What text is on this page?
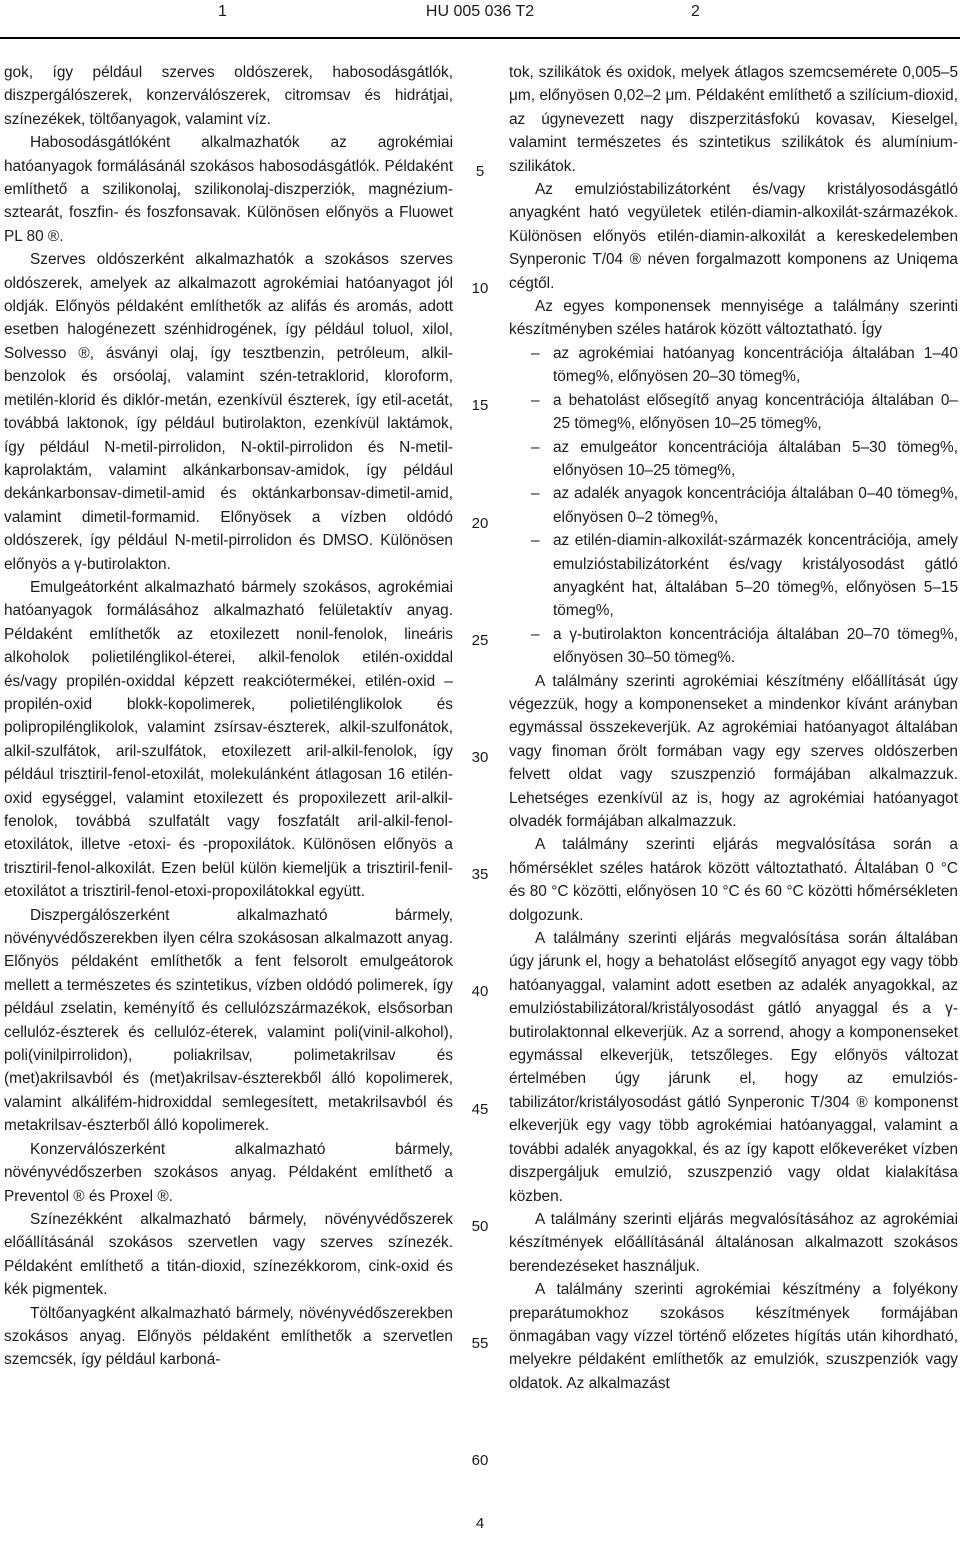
1	HU 005 036 T2	2

gok, így például szerves oldószerek, habosodásgátlók, diszpergálószerek, konzerválószerek, citromsav és hidrátjai, színezékek, töltőanyagok, valamint víz.

Habosodásgátlóként alkalmazhatók az agrokémiai hatóanyagok formálásánál szokásos habosodásgátlók. Példaként említhető a szilikonolaj, szilikonolaj-diszperziók, magnézium-sztearát, foszfin- és foszfonsavak. Különösen előnyös a Fluowet PL 80 ®.

Szerves oldószerként alkalmazhatók a szokásos szerves oldószerek, amelyek az alkalmazott agrokémiai hatóanyagot jól oldják. Előnyös példaként említhetők az alifás és aromás, adott esetben halogénezett szénhidrogének, így például toluol, xilol, Solvesso ®, ásványi olaj, így tesztbenzin, petróleum, alkil-benzolok és orsóolaj, valamint szén-tetraklorid, kloroform, metilén-klorid és diklór-metán, ezenkívül észterek, így etil-acetát, továbbá laktonok, így például butirolakton, ezenkívül laktámok, így például N-metil-pirrolidon, N-oktil-pirrolidon és N-metil-kaprolaktám, valamint alkánkarbonsav-amidok, így például dekánkarbonsav-dimetil-amid és oktánkarbonsav-dimetil-amid, valamint dimetil-formamid. Előnyösek a vízben oldódó oldószerek, így például N-metil-pirrolidon és DMSO. Különösen előnyös a γ-butirolakton.

Emulgeátorként alkalmazható bármely szokásos, agrokémiai hatóanyagok formálásához alkalmazható felületaktív anyag. Példaként említhetők az etoxilezett nonil-fenolok, lineáris alkoholok polietilénglikol-éterei, alkil-fenolok etilén-oxiddal és/vagy propilén-oxiddal képzett reakciótermékei, etilén-oxid – propilén-oxid blokk-kopolimerek, polietilénglikolok és polipropilénglikolok, valamint zsírsav-észterek, alkil-szulfonátok, alkil-szulfátok, aril-szulfátok, etoxilezett aril-alkil-fenolok, így például trisztiril-fenol-etoxilát, molekulánként átlagosan 16 etilén-oxid egységgel, valamint etoxilezett és propoxilezett aril-alkil-fenolok, továbbá szulfatált vagy foszfatált aril-alkil-fenol-etoxilátok, illetve -etoxi- és -propoxilátok. Különösen előnyös a trisztiril-fenol-alkoxilát. Ezen belül külön kiemeljük a trisztiril-fenil-etoxilátot a trisztiril-fenol-etoxi-propoxilátokkal együtt.

Diszpergálószerként alkalmazható bármely, növényvédőszerekben ilyen célra szokásosan alkalmazott anyag. Előnyös példaként említhetők a fent felsorolt emulgeátorok mellett a természetes és szintetikus, vízben oldódó polimerek, így például zselatin, keményítő és cellulózszármazékok, elsősorban cellulóz-észterek és cellulóz-éterek, valamint poli(vinil-alkohol), poli(vinilpirrolidon), poliakrilsav, polimetakrilsav és (met)akrilsavból és (met)akrilsav-észterekből álló kopolimerek, valamint alkálifém-hidroxiddal semlegesített, metakrilsavból és metakrilsav-észterből álló kopolimerek.

Konzerválószerként alkalmazható bármely, növényvédőszerben szokásos anyag. Példaként említhető a Preventol ® és Proxel ®.

Színezékként alkalmazható bármely, növényvédőszerek előállításánál szokásos szervetlen vagy szerves színezék. Példaként említhető a titán-dioxid, színezékkorom, cink-oxid és kék pigmentek.

Töltőanyagként alkalmazható bármely, növényvédőszerekben szokásos anyag. Előnyös példaként említhetők a szervetlen szemcsék, így például karboná-

5
10
15
20
25
30
35
40
45
50
55
60

tok, szilikátok és oxidok, melyek átlagos szemcsemérete 0,005–5 μm, előnyösen 0,02–2 μm. Példaként említhető a szilícium-dioxid, az úgynevezett nagy diszperzitásfokú kovasav, Kieselgel, valamint természetes és szintetikus szilikátok és alumínium-szilikátok.

Az emulzióstabilizátorként és/vagy kristályosodásgátló anyagként ható vegyületek etilén-diamin-alkoxilát-származékok. Különösen előnyös etilén-diamin-alkoxilát a kereskedelemben Synperonic T/04 ® néven forgalmazott komponens az Uniqema cégtől.

Az egyes komponensek mennyisége a találmány szerinti készítményben széles határok között változtatható. Így

– az agrokémiai hatóanyag koncentrációja általában 1–40 tömeg%, előnyösen 20–30 tömeg%,
– a behatolást elősegítő anyag koncentrációja általában 0–25 tömeg%, előnyösen 10–25 tömeg%,
– az emulgeátor koncentrációja általában 5–30 tömeg%, előnyösen 10–25 tömeg%,
– az adalék anyagok koncentrációja általában 0–40 tömeg%, előnyösen 0–2 tömeg%,
– az etilén-diamin-alkoxilát-származék koncentrációja, amely emulzióstabilizátorként és/vagy kristályosodást gátló anyagként hat, általában 5–20 tömeg%, előnyösen 5–15 tömeg%,
– a γ-butirolakton koncentrációja általában 20–70 tömeg%, előnyösen 30–50 tömeg%.

A találmány szerinti agrokémiai készítmény előállítását úgy végezzük, hogy a komponenseket a mindenkor kívánt arányban egymással összekeverjük. Az agrokémiai hatóanyagot általában vagy finoman őrölt formában vagy egy szerves oldószerben felvett oldat vagy szuszpenzió formájában alkalmazzuk. Lehetséges ezenkívül az is, hogy az agrokémiai hatóanyagot olvadék formájában alkalmazzuk.

A találmány szerinti eljárás megvalósítása során a hőmérséklet széles határok között változtatható. Általában 0 °C és 80 °C közötti, előnyösen 10 °C és 60 °C közötti hőmérsékleten dolgozunk.

A találmány szerinti eljárás megvalósítása során általában úgy járunk el, hogy a behatolást elősegítő anyagot egy vagy több hatóanyaggal, valamint adott esetben az adalék anyagokkal, az emulzióstabilizátoral/kristályosodást gátló anyaggal és a γ-butirolaktonnal elkeverjük. Az a sorrend, ahogy a komponenseket egymással elkeverjük, tetszőleges. Egy előnyös változat értelmében úgy járunk el, hogy az emulzióstabilizátor/kristályosodást gátló Synperonic T/304 ® komponenst elkeverjük egy vagy több agrokémiai hatóanyaggal, valamint a további adalék anyagokkal, és az így kapott előkeveréket vízben diszpergáljuk emulzió, szuszpenzió vagy oldat kialakítása közben.

A találmány szerinti eljárás megvalósításához az agrokémiai készítmények előállításánál általánosan alkalmazott szokásos berendezéseket használjuk.

A találmány szerinti agrokémiai készítmény a folyékony preparátumokhoz szokásos készítmények formájában önmagában vagy vízzel történő előzetes hígítás után kihordható, melyekre példaként említhetők az emulziók, szuszpenziók vagy oldatok. Az alkalmazást

4
